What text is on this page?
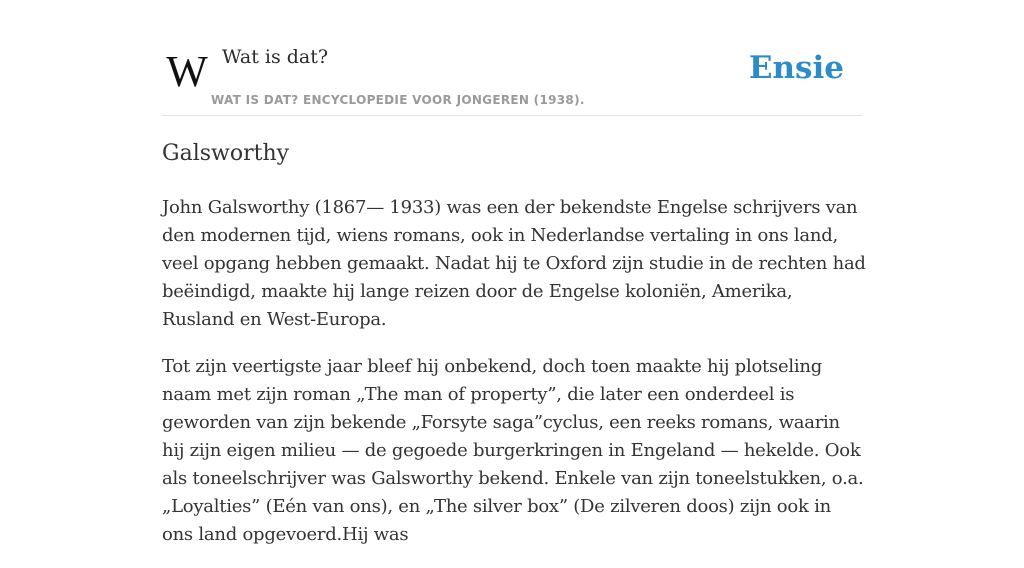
W Wat is dat?
WAT IS DAT? ENCYCLOPEDIE VOOR JONGEREN (1938).
Ensie
Galsworthy

John Galsworthy (1867— 1933) was een der bekendste Engelse schrijvers van den modernen tijd, wiens romans, ook in Nederlandse vertaling in ons land, veel opgang hebben gemaakt. Nadat hij te Oxford zijn studie in de rechten had beëindigd, maakte hij lange reizen door de Engelse koloniën, Amerika, Rusland en West-Europa.

Tot zijn veertigste jaar bleef hij onbekend, doch toen maakte hij plotseling naam met zijn roman „The man of property”, die later een onderdeel is geworden van zijn bekende „Forsyte saga”cyclus, een reeks romans, waarin hij zijn eigen milieu — de gegoede burgerkringen in Engeland — hekelde. Ook als toneelschrijver was Galsworthy bekend. Enkele van zijn toneelstukken, o.a. „Loyalties” (Eén van ons), en „The silver box” (De zilveren doos) zijn ook in ons land opgevoerd.Hij was
